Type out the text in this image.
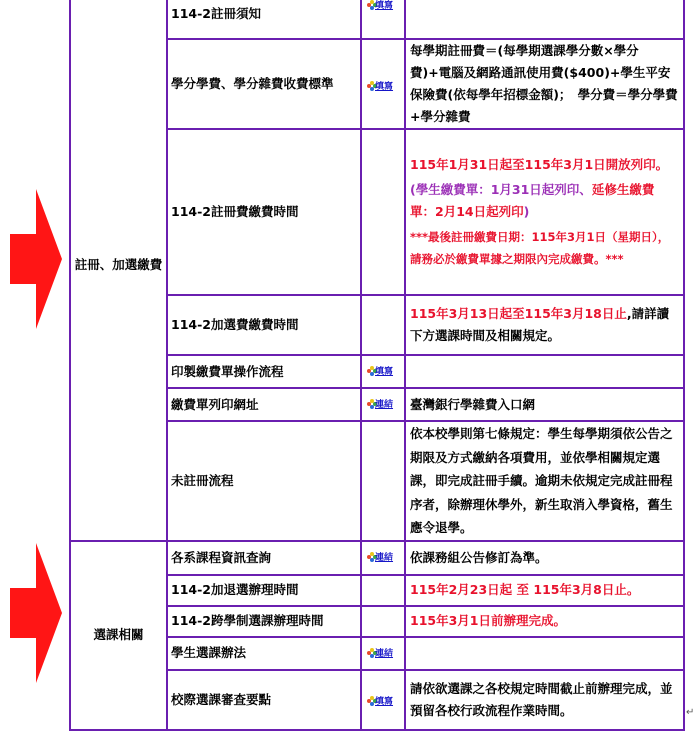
註冊、加選繳費	114-2註冊須知	$^{填寫}$	
	學分學費、學分雜費收費標準	$^{填寫}$	每學期註冊費＝(每學期選課學分數×學分費)+電腦及網路通訊使用費($400)+學生平安保險費(依每學年招標金額)；　學分費＝學分學費+學分雜費
	114-2註冊費繳費時間		115年1月31日起至115年3月1日開放列印。
(學生繳費單：1月31日起列印、延修生繳費單：2月14日起列印)
***最後註冊繳費日期：115年3月1日（星期日），請務必於繳費單據之期限內完成繳費。***

	114-2加選費繳費時間		115年3月13日起至115年3月18日止,請詳讀下方選課時間及相關規定。
	印製繳費單操作流程	$^{填寫}$	
	繳費單列印網址	$^{連結}$	臺灣銀行學雜費入口網
	未註冊流程		依本校學則第七條規定：學生每學期須依公告之期限及方式繳納各項費用，並依學相關規定選課，即完成註冊手續。逾期未依規定完成註冊程序者，除辦理休學外，新生取消入學資格，舊生應令退學。
選課相關	各系課程資訊查詢	$^{連結}$	依課務組公告修訂為準。
	114-2加退選辦理時間		115年2月23日起 至 115年3月8日止。
	114-2跨學制選課辦理時間		115年3月1日前辦理完成。
	學生選課辦法	$^{連結}$	
	校際選課審查要點	$^{填寫}$	請依欲選課之各校規定時間截止前辦理完成，並預留各校行政流程作業時間。	↵
